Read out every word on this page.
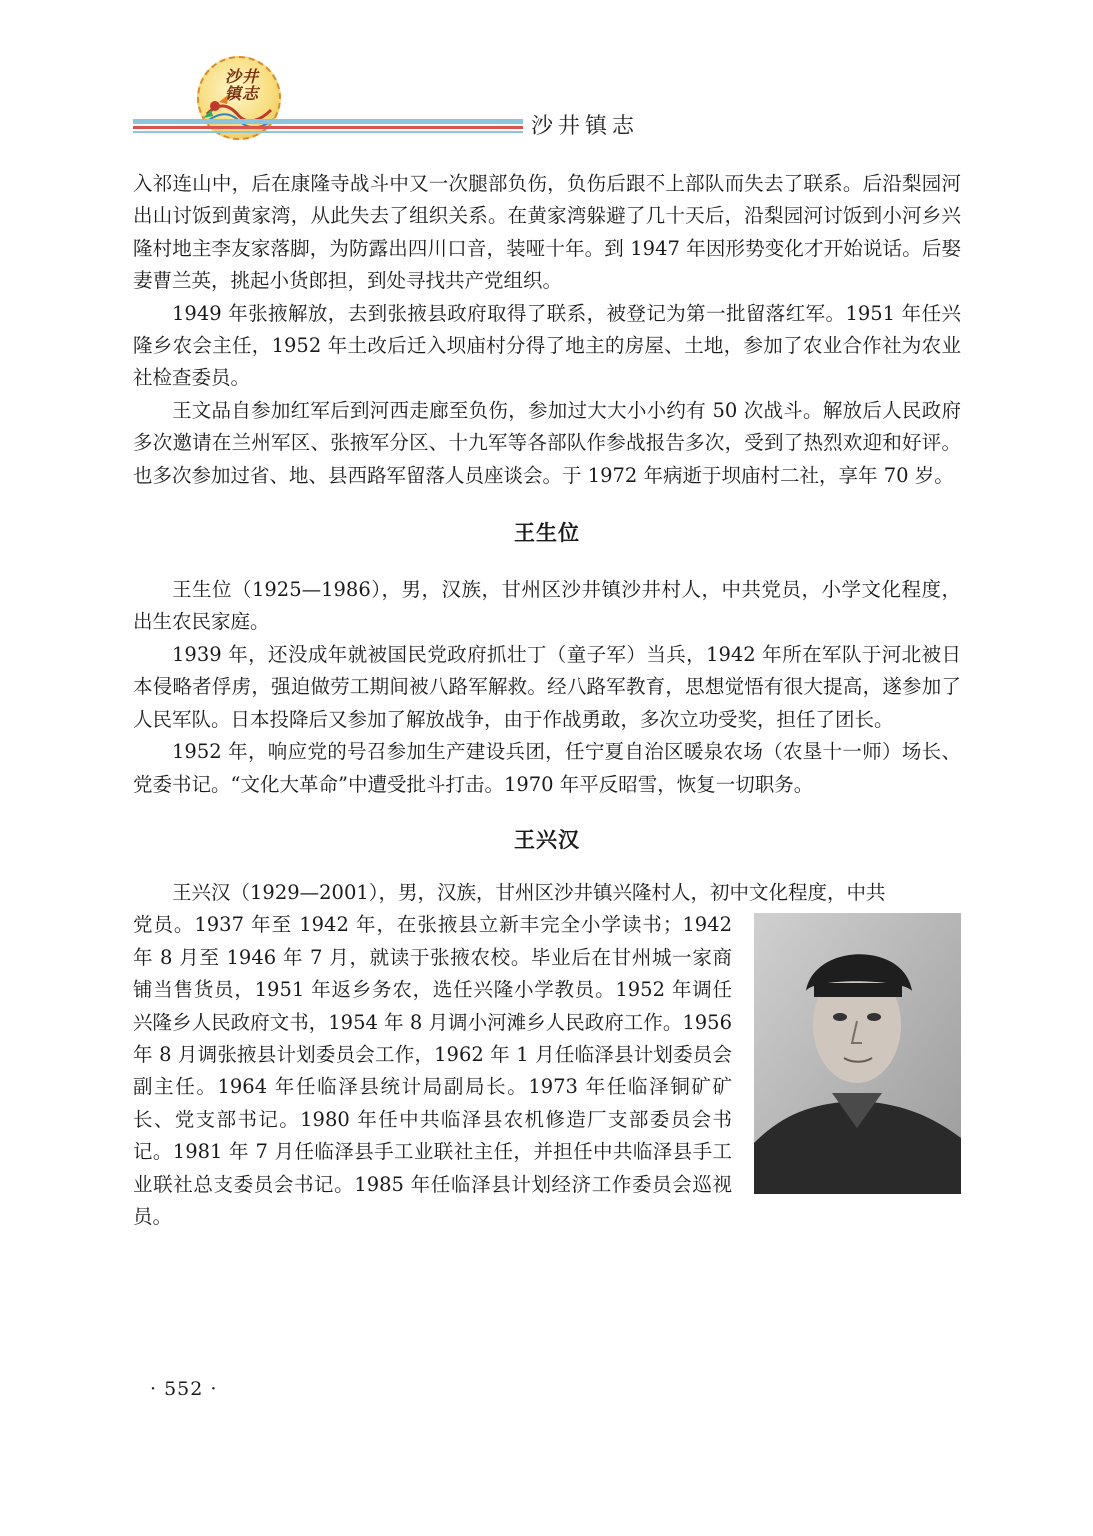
沙井镇志
沙井镇志

入祁连山中，后在康隆寺战斗中又一次腿部负伤，负伤后跟不上部队而失去了联系。后沿梨园河出山讨饭到黄家湾，从此失去了组织关系。在黄家湾躲避了几十天后，沿梨园河讨饭到小河乡兴隆村地主李友家落脚，为防露出四川口音，装哑十年。到 1947 年因形势变化才开始说话。后娶妻曹兰英，挑起小货郎担，到处寻找共产党组织。

1949 年张掖解放，去到张掖县政府取得了联系，被登记为第一批留落红军。1951 年任兴隆乡农会主任，1952 年土改后迁入坝庙村分得了地主的房屋、土地，参加了农业合作社为农业社检查委员。

王文品自参加红军后到河西走廊至负伤，参加过大大小小约有 50 次战斗。解放后人民政府多次邀请在兰州军区、张掖军分区、十九军等各部队作参战报告多次，受到了热烈欢迎和好评。也多次参加过省、地、县西路军留落人员座谈会。于 1972 年病逝于坝庙村二社，享年 70 岁。

王生位

王生位（1925—1986），男，汉族，甘州区沙井镇沙井村人，中共党员，小学文化程度，出生农民家庭。

1939 年，还没成年就被国民党政府抓壮丁（童子军）当兵，1942 年所在军队于河北被日本侵略者俘虏，强迫做劳工期间被八路军解救。经八路军教育，思想觉悟有很大提高，遂参加了人民军队。日本投降后又参加了解放战争，由于作战勇敢，多次立功受奖，担任了团长。

1952 年，响应党的号召参加生产建设兵团，任宁夏自治区暖泉农场（农垦十一师）场长、党委书记。“文化大革命”中遭受批斗打击。1970 年平反昭雪，恢复一切职务。

王兴汉

王兴汉（1929—2001），男，汉族，甘州区沙井镇兴隆村人，初中文化程度，中共

党员。1937 年至 1942 年，在张掖县立新丰完全小学读书；1942 年 8 月至 1946 年 7 月，就读于张掖农校。毕业后在甘州城一家商铺当售货员，1951 年返乡务农，选任兴隆小学教员。1952 年调任兴隆乡人民政府文书，1954 年 8 月调小河滩乡人民政府工作。1956 年 8 月调张掖县计划委员会工作，1962 年 1 月任临泽县计划委员会副主任。1964 年任临泽县统计局副局长。1973 年任临泽铜矿矿长、党支部书记。1980 年任中共临泽县农机修造厂支部委员会书记。1981 年 7 月任临泽县手工业联社主任，并担任中共临泽县手工业联社总支委员会书记。1985 年任临泽县计划经济工作委员会巡视员。

· 552 ·
